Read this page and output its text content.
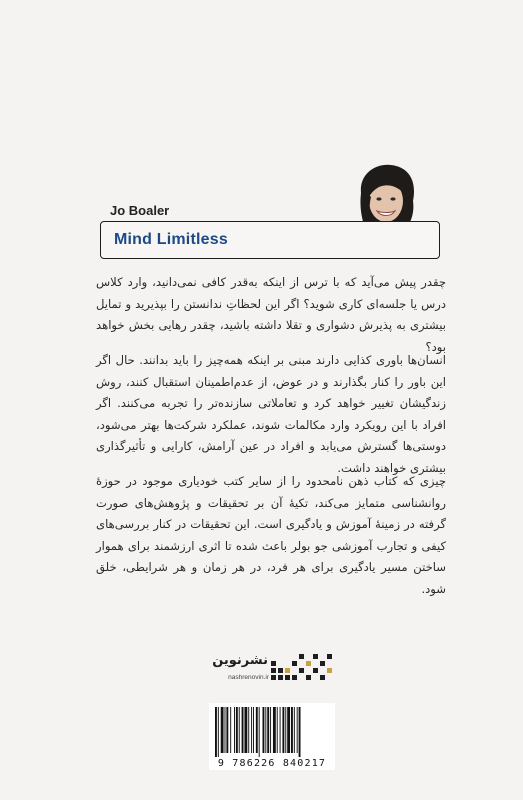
Jo Boaler
Mind Limitless
چقدر پیش می‌آید که با ترس از اینکه به‌قدر کافی نمی‌دانید، وارد کلاس درس یا جلسه‌ای کاری شوید؟ اگر این لحظاتِ ندانستن را بپذیرید و تمایل بیشتری به پذیرش دشواری و تقلا داشته باشید، چقدر رهایی بخش خواهد بود؟
انسان‌ها باوری کذایی دارند مبنی بر اینکه همه‌چیز را باید بدانند. حال اگر این باور را کنار بگذارند و در عوض، از عدم‌اطمینان استقبال کنند، روش زندگیشان تغییر خواهد کرد و تعاملاتی سازنده‌تر را تجربه می‌کنند. اگر افراد با این رویکرد وارد مکالمات شوند، عملکرد شرکت‌ها بهتر می‌شود، دوستی‌ها گسترش می‌یابد و افراد در عین آرامش، کارایی و تأثیرگذاری بیشتری خواهند داشت.
چیزی که کتاب ذهن نامحدود را از سایر کتب خودیاری موجود در حوزهٔ روانشناسی متمایز می‌کند، تکیهٔ آن بر تحقیقات و پژوهش‌های صورت گرفته در زمینهٔ آموزش و یادگیری است. این تحقیقات در کنار بررسی‌های کیفی و تجارب آموزشی جو بولر باعث شده تا اثری ارزشمند برای هموار ساختن مسیر یادگیری برای هر فرد، در هر زمان و هر شرایطی، خلق شود.
نشرنوین
nashrenovin.ir
9 786226 840217
